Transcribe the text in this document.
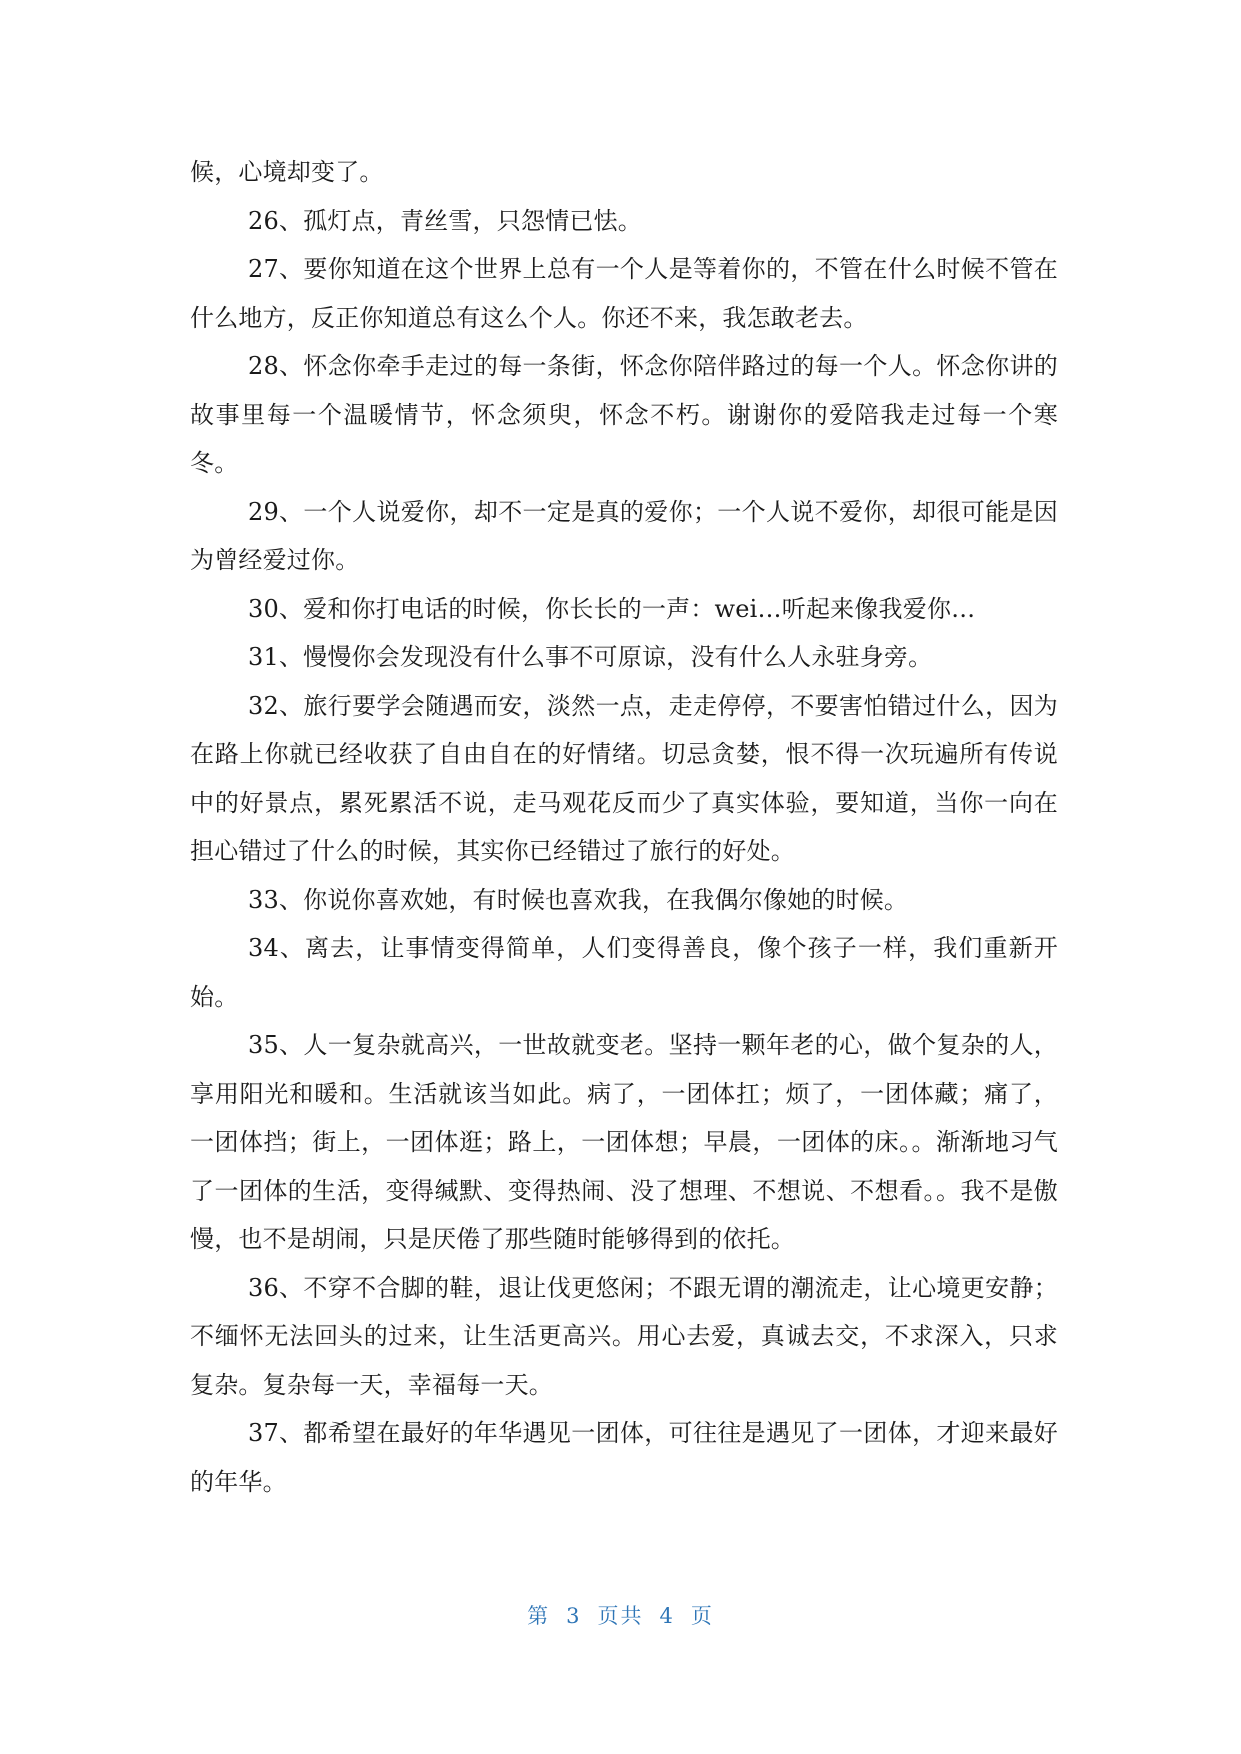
候，心境却变了。

26、孤灯点，青丝雪，只怨情已怯。

27、要你知道在这个世界上总有一个人是等着你的，不管在什么时候不管在什么地方，反正你知道总有这么个人。你还不来，我怎敢老去。

28、怀念你牵手走过的每一条街，怀念你陪伴路过的每一个人。怀念你讲的故事里每一个温暖情节，怀念须臾，怀念不朽。谢谢你的爱陪我走过每一个寒冬。

29、一个人说爱你，却不一定是真的爱你；一个人说不爱你，却很可能是因为曾经爱过你。

30、爱和你打电话的时候，你长长的一声：wei…听起来像我爱你…

31、慢慢你会发现没有什么事不可原谅，没有什么人永驻身旁。

32、旅行要学会随遇而安，淡然一点，走走停停，不要害怕错过什么，因为在路上你就已经收获了自由自在的好情绪。切忌贪婪，恨不得一次玩遍所有传说中的好景点，累死累活不说，走马观花反而少了真实体验，要知道，当你一向在担心错过了什么的时候，其实你已经错过了旅行的好处。

33、你说你喜欢她，有时候也喜欢我，在我偶尔像她的时候。

34、离去，让事情变得简单，人们变得善良，像个孩子一样，我们重新开始。

35、人一复杂就高兴，一世故就变老。坚持一颗年老的心，做个复杂的人，享用阳光和暖和。生活就该当如此。病了，一团体扛；烦了，一团体藏；痛了，一团体挡；街上，一团体逛；路上，一团体想；早晨，一团体的床。。渐渐地习气了一团体的生活，变得缄默、变得热闹、没了想理、不想说、不想看。。我不是傲慢，也不是胡闹，只是厌倦了那些随时能够得到的依托。

36、不穿不合脚的鞋，退让伐更悠闲；不跟无谓的潮流走，让心境更安静；不缅怀无法回头的过来，让生活更高兴。用心去爱，真诚去交，不求深入，只求复杂。复杂每一天，幸福每一天。

37、都希望在最好的年华遇见一团体，可往往是遇见了一团体，才迎来最好的年华。

第 3 页共 4 页
